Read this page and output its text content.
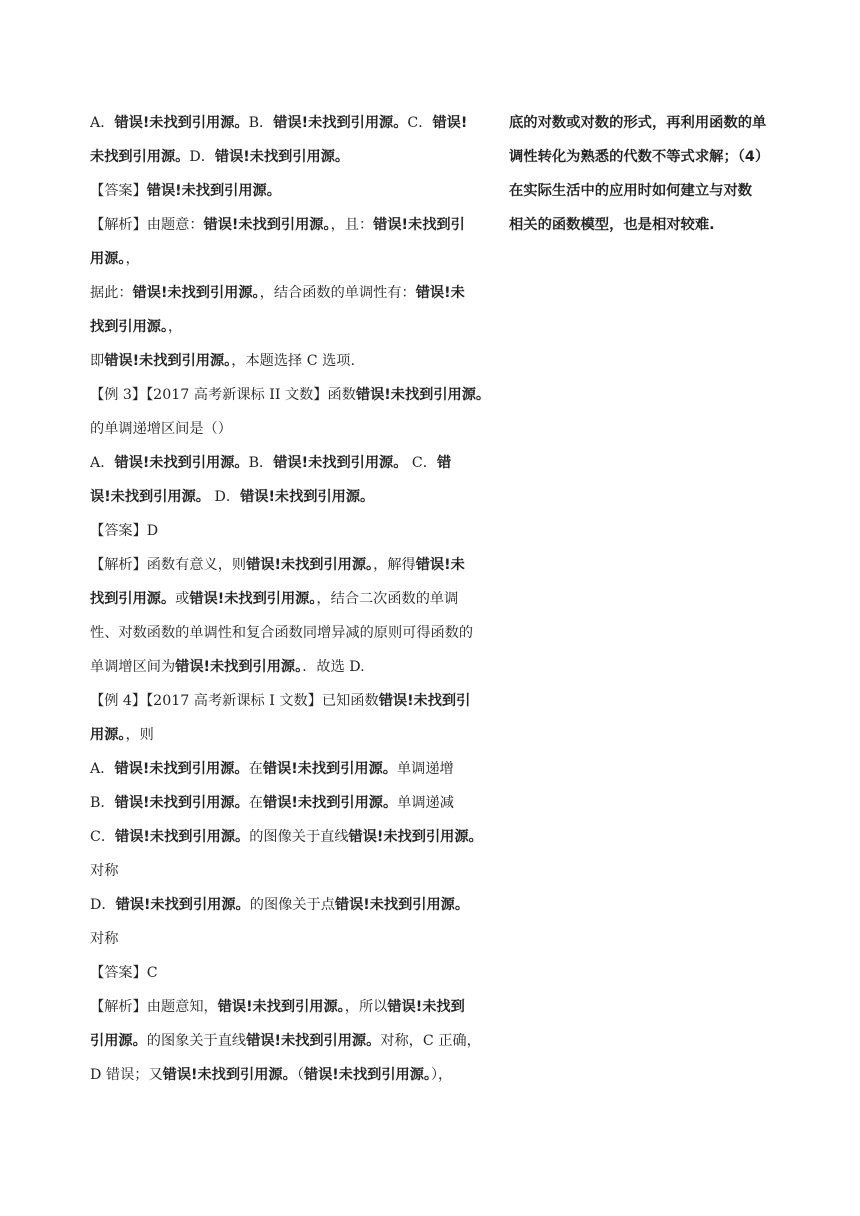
A．错误!未找到引用源。B．错误!未找到引用源。C．错误!
未找到引用源。D．错误!未找到引用源。
【答案】错误!未找到引用源。
【解析】由题意：错误!未找到引用源。，且：错误!未找到引
用源。，
据此：错误!未找到引用源。，结合函数的单调性有：错误!未
找到引用源。，
即错误!未找到引用源。，本题选择 C 选项.
【例 3】【2017 高考新课标 II 文数】函数错误!未找到引用源。
的单调递增区间是（）
A．错误!未找到引用源。B．错误!未找到引用源。 C．错
误!未找到引用源。 D．错误!未找到引用源。
【答案】D
【解析】函数有意义，则错误!未找到引用源。，解得错误!未
找到引用源。或错误!未找到引用源。，结合二次函数的单调
性、对数函数的单调性和复合函数同增异减的原则可得函数的
单调增区间为错误!未找到引用源。．故选 D.
【例 4】【2017 高考新课标 I 文数】已知函数错误!未找到引
用源。，则
A．错误!未找到引用源。在错误!未找到引用源。单调递增
B．错误!未找到引用源。在错误!未找到引用源。单调递减
C．错误!未找到引用源。的图像关于直线错误!未找到引用源。
对称
D．错误!未找到引用源。的图像关于点错误!未找到引用源。
对称
【答案】C
【解析】由题意知，错误!未找到引用源。，所以错误!未找到
引用源。的图象关于直线错误!未找到引用源。对称，C 正确，
D 错误；又错误!未找到引用源。（错误!未找到引用源。），
底的对数或对数的形式，再利用函数的单
调性转化为熟悉的代数不等式求解；（4）
在实际生活中的应用时如何建立与对数
相关的函数模型，也是相对较难.
